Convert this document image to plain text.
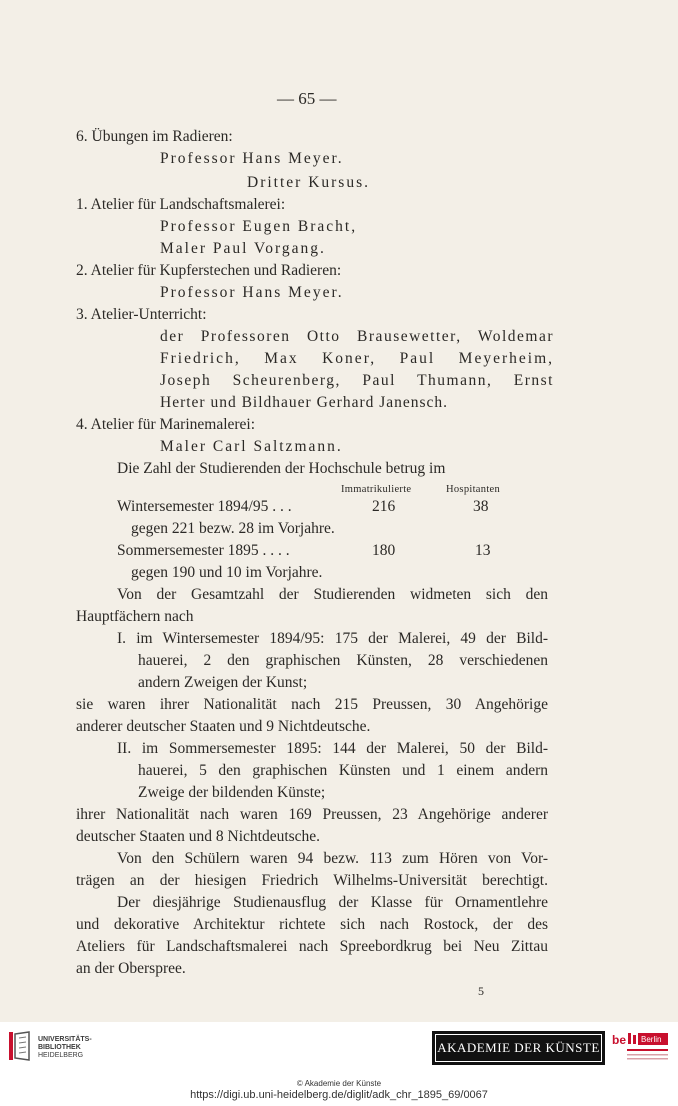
— 65 —
6. Übungen im Radieren:
Professor Hans Meyer.
Dritter Kursus.
1. Atelier für Landschaftsmalerei:
Professor Eugen Bracht,
Maler Paul Vorgang.
2. Atelier für Kupferstechen und Radieren:
Professor Hans Meyer.
3. Atelier-Unterricht:
der Professoren Otto Brausewetter, Woldemar
Friedrich, Max Koner, Paul Meyerheim,
Joseph Scheurenberg, Paul Thumann, Ernst
Herter und Bildhauer Gerhard Janensch.
4. Atelier für Marinemalerei:
Maler Carl Saltzmann.
Die Zahl der Studierenden der Hochschule betrug im
Immatrikulierte	Hospitanten
Wintersemester 1894/95 . . .	216	38
gegen 221 bezw. 28 im Vorjahre.
Sommersemester 1895 . . . .	180	13
gegen 190 und 10 im Vorjahre.
Von der Gesamtzahl der Studierenden widmeten sich den
Hauptfächern nach
I. im Wintersemester 1894/95: 175 der Malerei, 49 der Bild-
hauerei, 2 den graphischen Künsten, 28 verschiedenen
andern Zweigen der Kunst;
sie waren ihrer Nationalität nach 215 Preussen, 30 Angehörige
anderer deutscher Staaten und 9 Nichtdeutsche.
II. im Sommersemester 1895: 144 der Malerei, 50 der Bild-
hauerei, 5 den graphischen Künsten und 1 einem andern
Zweige der bildenden Künste;
ihrer Nationalität nach waren 169 Preussen, 23 Angehörige anderer
deutscher Staaten und 8 Nichtdeutsche.
Von den Schülern waren 94 bezw. 113 zum Hören von Vor-
trägen an der hiesigen Friedrich Wilhelms-Universität berechtigt.
Der diesjährige Studienausflug der Klasse für Ornamentlehre
und dekorative Architektur richtete sich nach Rostock, der des
Ateliers für Landschaftsmalerei nach Spreebordkrug bei Neu Zittau
an der Oberspree.
5
UNIVERSITÄTS-
BIBLIOTHEK
HEIDELBERG
AKADEMIE DER KÜNSTE be Berlin
© Akademie der Künste
https://digi.ub.uni-heidelberg.de/diglit/adk_chr_1895_69/0067
